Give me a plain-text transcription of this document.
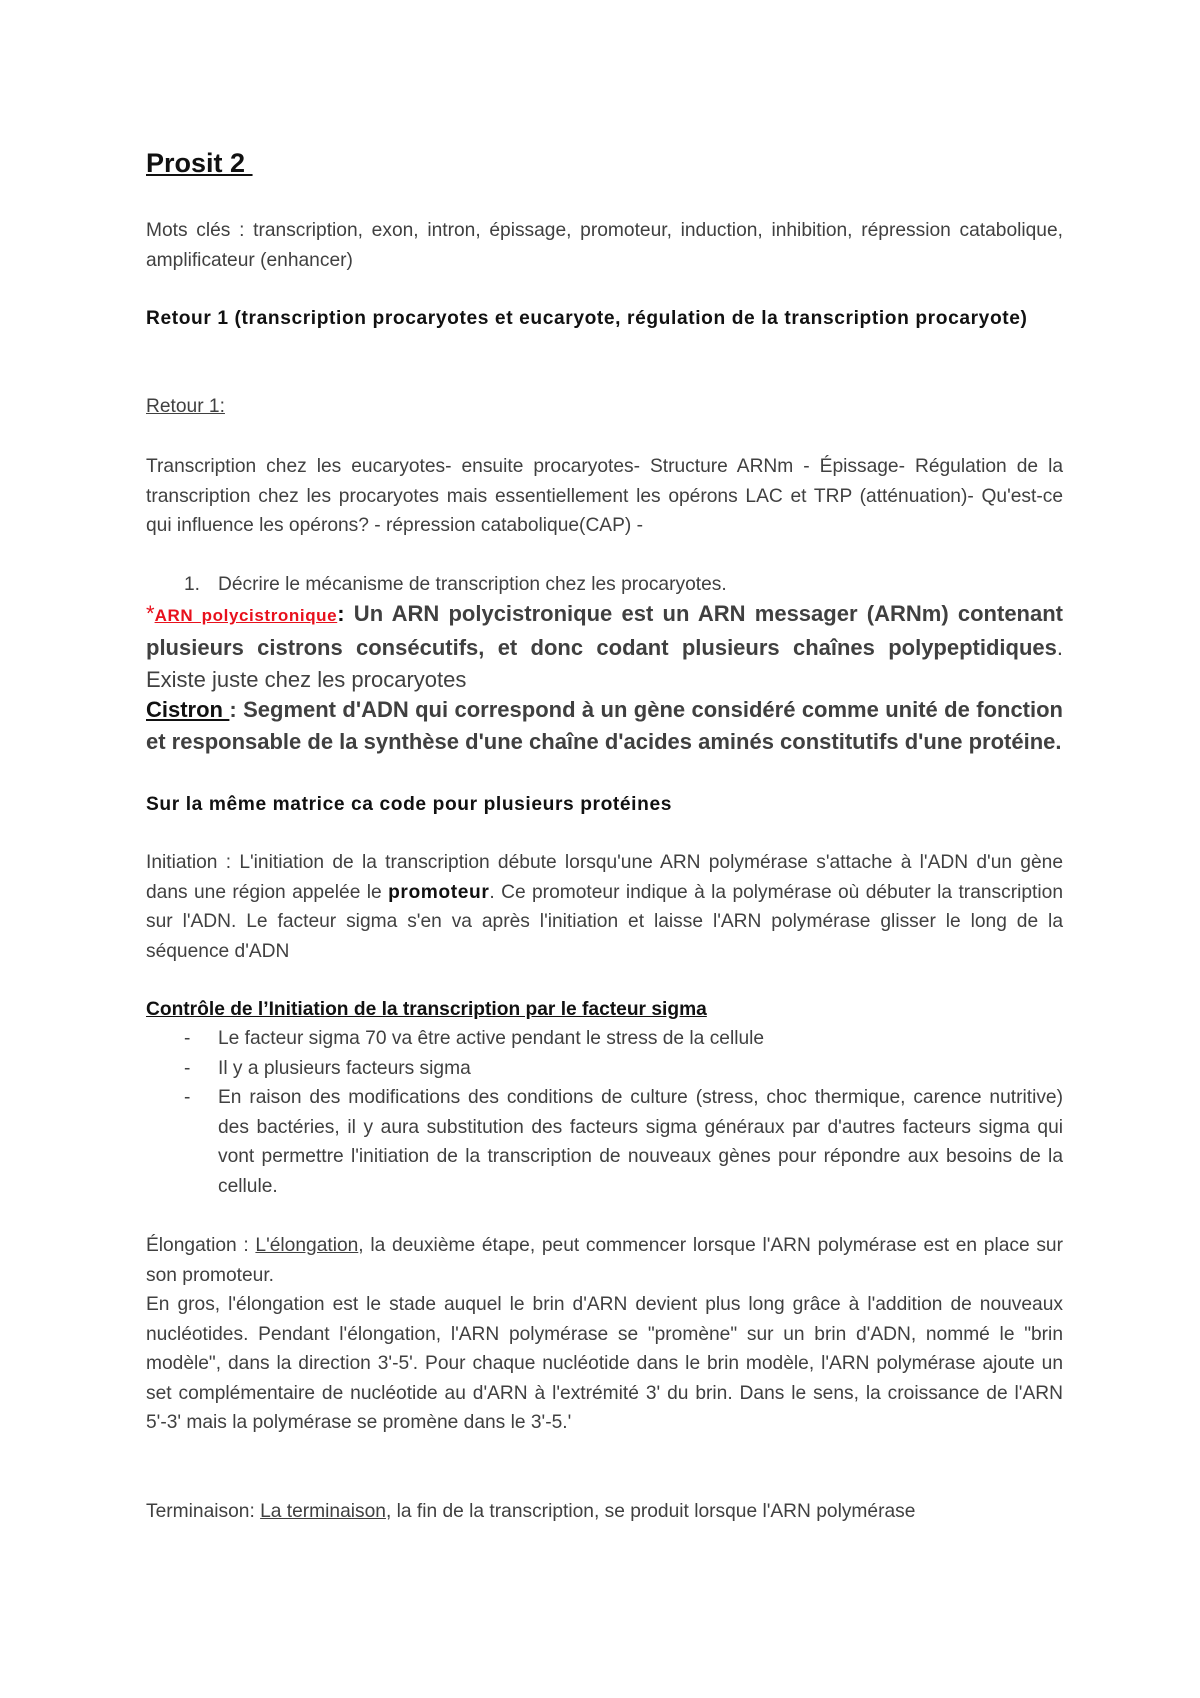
Prosit 2

Mots clés : transcription, exon, intron, épissage, promoteur, induction, inhibition, répression catabolique, amplificateur (enhancer)

Retour 1 (transcription procaryotes et eucaryote, régulation de la transcription procaryote)

Retour 1:

Transcription chez les eucaryotes- ensuite procaryotes- Structure ARNm - Épissage- Régulation de la transcription chez les procaryotes mais essentiellement les opérons LAC et TRP (atténuation)- Qu'est-ce qui influence les opérons? - répression catabolique(CAP) -

1. Décrire le mécanisme de transcription chez les procaryotes.

*ARN polycistronique: Un ARN polycistronique est un ARN messager (ARNm) contenant plusieurs cistrons consécutifs, et donc codant plusieurs chaînes polypeptidiques. Existe juste chez les procaryotes

Cistron : Segment d'ADN qui correspond à un gène considéré comme unité de fonction et responsable de la synthèse d'une chaîne d'acides aminés constitutifs d'une protéine.

Sur la même matrice ca code pour plusieurs protéines

Initiation : L'initiation de la transcription débute lorsqu'une ARN polymérase s'attache à l'ADN d'un gène dans une région appelée le promoteur. Ce promoteur indique à la polymérase où débuter la transcription sur l'ADN. Le facteur sigma s'en va après l'initiation et laisse l'ARN polymérase glisser le long de la séquence d'ADN

Contrôle de l’Initiation de la transcription par le facteur sigma

- Le facteur sigma 70 va être active pendant le stress de la cellule
- Il y a plusieurs facteurs sigma
- En raison des modifications des conditions de culture (stress, choc thermique, carence nutritive) des bactéries, il y aura substitution des facteurs sigma généraux par d'autres facteurs sigma qui vont permettre l'initiation de la transcription de nouveaux gènes pour répondre aux besoins de la cellule.

Élongation : L'élongation, la deuxième étape, peut commencer lorsque l'ARN polymérase est en place sur son promoteur.

En gros, l'élongation est le stade auquel le brin d'ARN devient plus long grâce à l'addition de nouveaux nucléotides. Pendant l'élongation, l'ARN polymérase se "promène" sur un brin d'ADN, nommé le "brin modèle", dans la direction 3'-5'. Pour chaque nucléotide dans le brin modèle, l'ARN polymérase ajoute un set complémentaire de nucléotide au d'ARN à l'extrémité 3' du brin. Dans le sens, la croissance de l'ARN 5'-3' mais la polymérase se promène dans le 3'-5.'

Terminaison: La terminaison, la fin de la transcription, se produit lorsque l'ARN polymérase
